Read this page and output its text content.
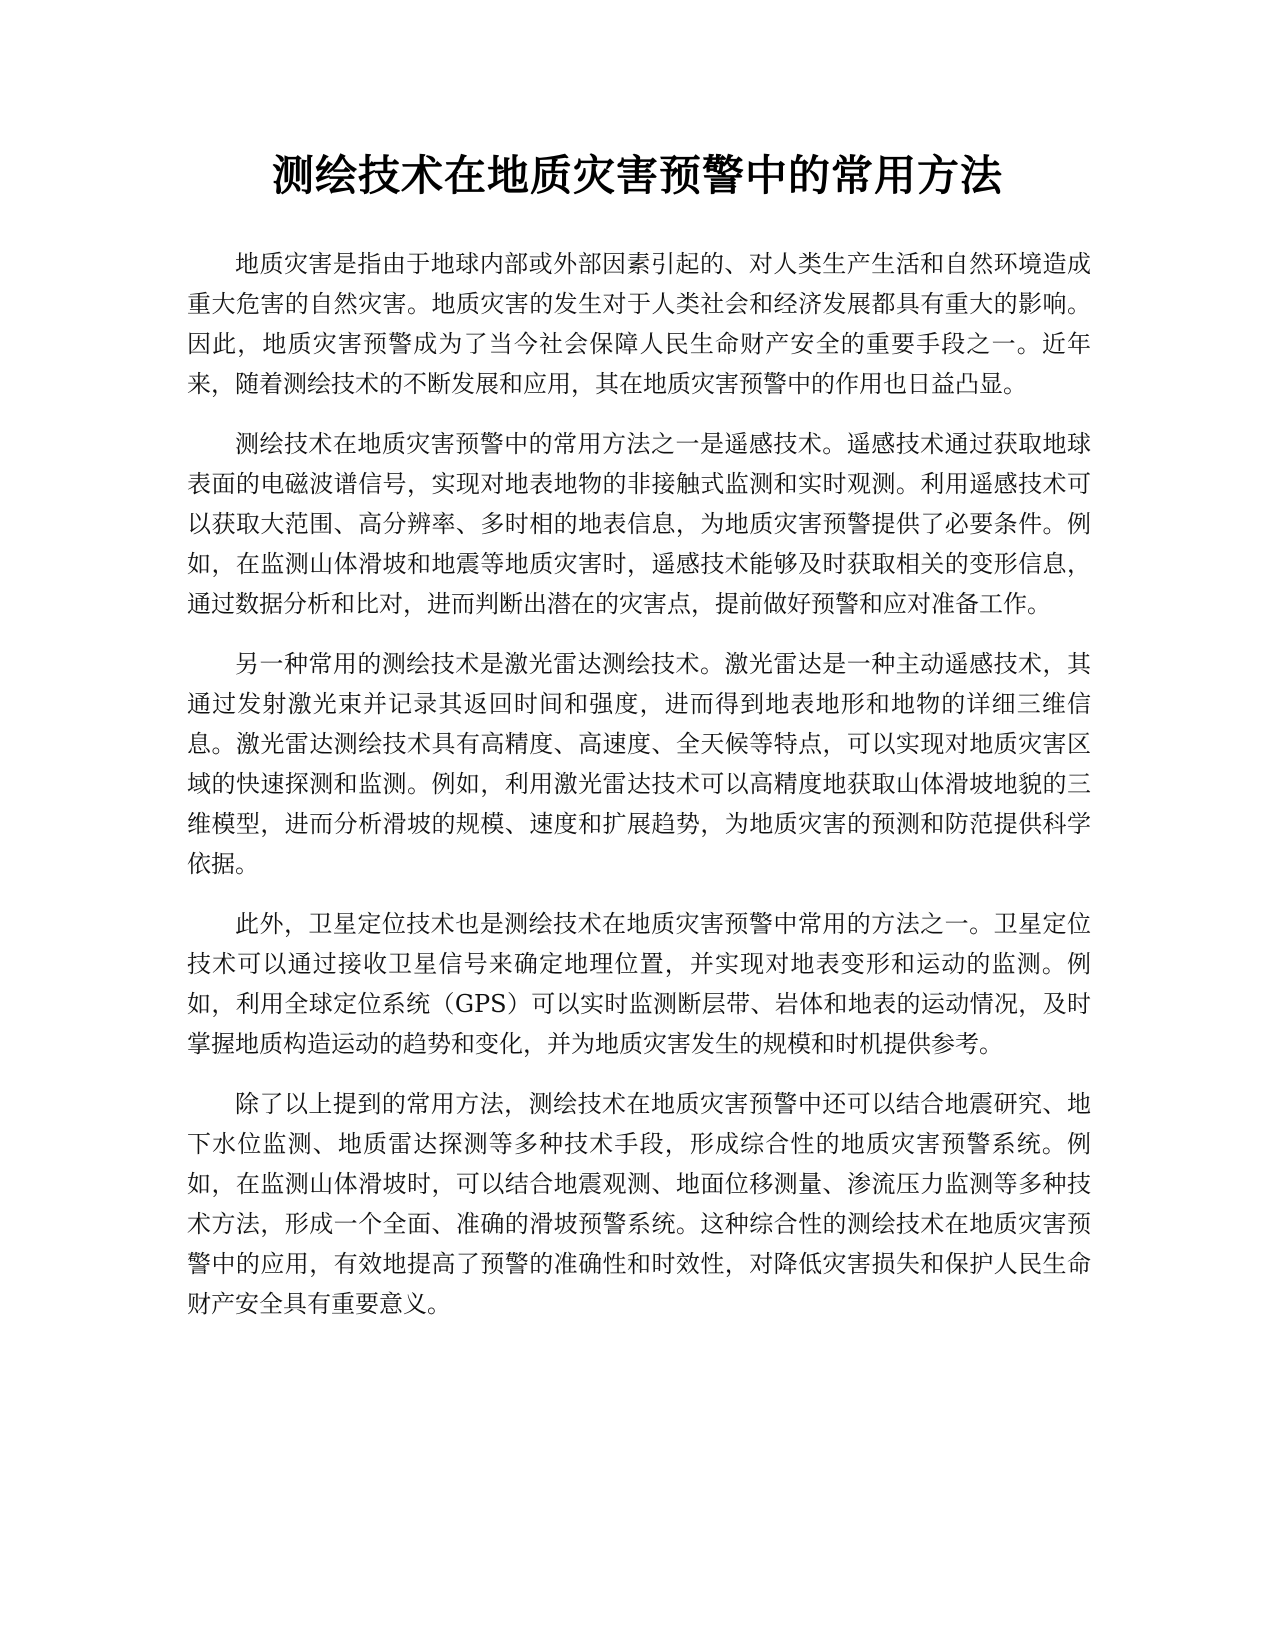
测绘技术在地质灾害预警中的常用方法

地质灾害是指由于地球内部或外部因素引起的、对人类生产生活和自然环境造成重大危害的自然灾害。地质灾害的发生对于人类社会和经济发展都具有重大的影响。因此，地质灾害预警成为了当今社会保障人民生命财产安全的重要手段之一。近年来，随着测绘技术的不断发展和应用，其在地质灾害预警中的作用也日益凸显。

测绘技术在地质灾害预警中的常用方法之一是遥感技术。遥感技术通过获取地球表面的电磁波谱信号，实现对地表地物的非接触式监测和实时观测。利用遥感技术可以获取大范围、高分辨率、多时相的地表信息，为地质灾害预警提供了必要条件。例如，在监测山体滑坡和地震等地质灾害时，遥感技术能够及时获取相关的变形信息，通过数据分析和比对，进而判断出潜在的灾害点，提前做好预警和应对准备工作。

另一种常用的测绘技术是激光雷达测绘技术。激光雷达是一种主动遥感技术，其通过发射激光束并记录其返回时间和强度，进而得到地表地形和地物的详细三维信息。激光雷达测绘技术具有高精度、高速度、全天候等特点，可以实现对地质灾害区域的快速探测和监测。例如，利用激光雷达技术可以高精度地获取山体滑坡地貌的三维模型，进而分析滑坡的规模、速度和扩展趋势，为地质灾害的预测和防范提供科学依据。

此外，卫星定位技术也是测绘技术在地质灾害预警中常用的方法之一。卫星定位技术可以通过接收卫星信号来确定地理位置，并实现对地表变形和运动的监测。例如，利用全球定位系统（GPS）可以实时监测断层带、岩体和地表的运动情况，及时掌握地质构造运动的趋势和变化，并为地质灾害发生的规模和时机提供参考。

除了以上提到的常用方法，测绘技术在地质灾害预警中还可以结合地震研究、地下水位监测、地质雷达探测等多种技术手段，形成综合性的地质灾害预警系统。例如，在监测山体滑坡时，可以结合地震观测、地面位移测量、渗流压力监测等多种技术方法，形成一个全面、准确的滑坡预警系统。这种综合性的测绘技术在地质灾害预警中的应用，有效地提高了预警的准确性和时效性，对降低灾害损失和保护人民生命财产安全具有重要意义。
